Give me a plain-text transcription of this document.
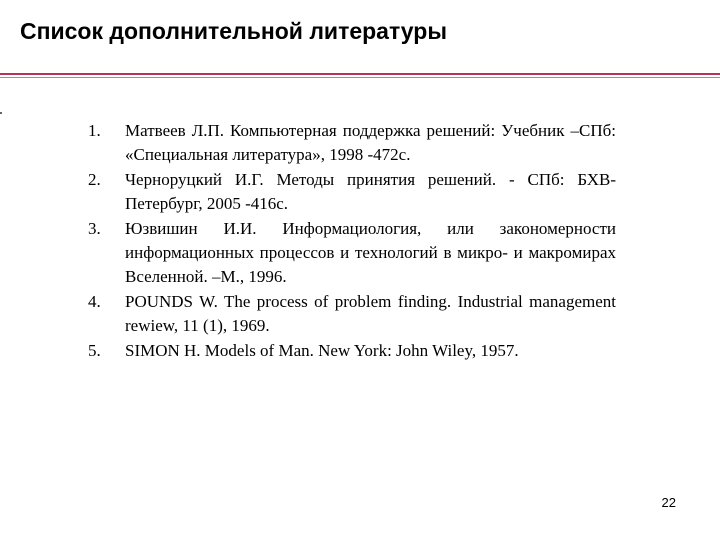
Список дополнительной литературы
1. Матвеев Л.П. Компьютерная поддержка решений: Учебник –СПб: «Специальная литература», 1998 -472с.
2. Черноруцкий И.Г. Методы принятия решений. - СПб: БХВ-Петербург, 2005 -416с.
3. Юзвишин И.И. Информациология, или закономерности информационных процессов и технологий в микро- и макромирах Вселенной. –М., 1996.
4. POUNDS W. The process of problem finding. Industrial management rewiew, 11 (1), 1969.
5. SIMON H. Models of Man. New York: John Wiley, 1957.
22
